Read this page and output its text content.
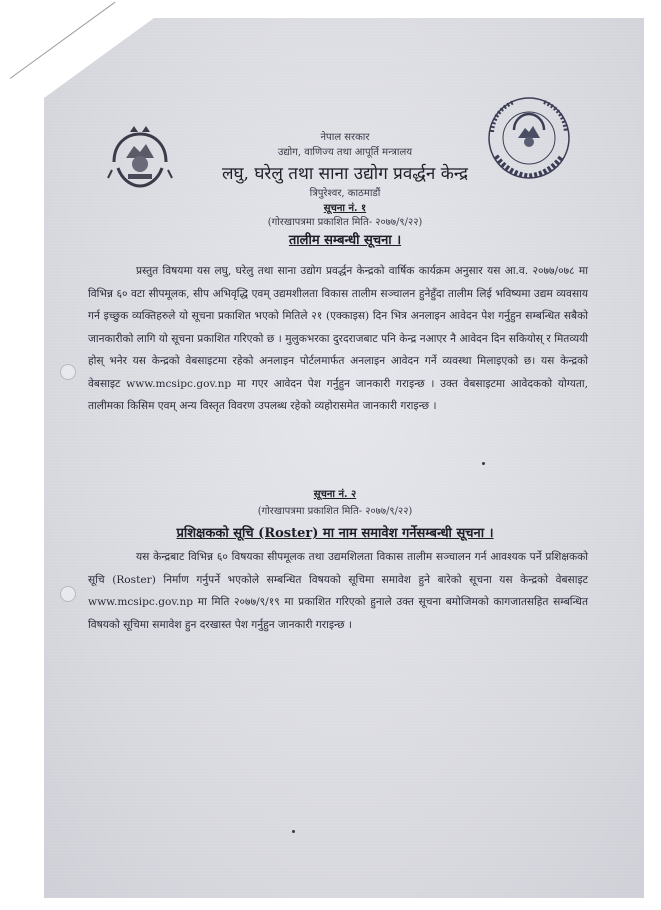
नेपाल सरकार
उद्योग, वाणिज्य तथा आपूर्ति मन्त्रालय
लघु, घरेलु तथा साना उद्योग प्रवर्द्धन केन्द्र
त्रिपुरेश्वर, काठमाडौं
सूचना नं. १
(गोरखापत्रमा प्रकाशित मिति- २०७७/९/२२)
तालीम सम्बन्धी सूचना ।
प्रस्तुत विषयमा यस लघु, घरेलु तथा साना उद्योग प्रवर्द्धन केन्द्रको वार्षिक कार्यक्रम अनुसार यस आ.व. २०७७/०७८ मा विभिन्न ६० वटा सीपमूलक, सीप अभिवृद्धि एवम् उद्यमशीलता विकास तालीम सञ्चालन हुनेहुँदा तालीम लिई भविष्यमा उद्यम व्यवसाय गर्न इच्छुक व्यक्तिहरुले यो सूचना प्रकाशित भएको मितिले २१ (एक्काइस) दिन भित्र अनलाइन आवेदन पेश गर्नुहुन सम्बन्धित सबैको जानकारीको लागि यो सूचना प्रकाशित गरिएको छ । मुलुकभरका दुरदराजबाट पनि केन्द्र नआएर नै आवेदन दिन सकियोस् र मितव्ययी होस् भनेर यस केन्द्रको वेबसाइटमा रहेको अनलाइन पोर्टलमार्फत अनलाइन आवेदन गर्ने व्यवस्था मिलाइएको छ। यस केन्द्रको वेबसाइट www.mcsipc.gov.np मा गएर आवेदन पेश गर्नुहुन जानकारी गराइन्छ । उक्त वेबसाइटमा आवेदकको योग्यता, तालीमका किसिम एवम् अन्य विस्तृत विवरण उपलब्ध रहेको व्यहोरासमेत जानकारी गराइन्छ ।
सूचना नं. २
(गोरखापत्रमा प्रकाशित मिति- २०७७/९/२२)
प्रशिक्षकको सूचि (Roster) मा नाम समावेश गर्नेसम्बन्धी सूचना ।
यस केन्द्रबाट विभिन्न ६० विषयका सीपमूलक तथा उद्यमशिलता विकास तालीम सञ्चालन गर्न आवश्यक पर्ने प्रशिक्षकको सूचि (Roster) निर्माण गर्नुपर्ने भएकोले सम्बन्धित विषयको सूचिमा समावेश हुने बारेको सूचना यस केन्द्रको वेबसाइट www.mcsipc.gov.np मा मिति २०७७/९/१९ मा प्रकाशित गरिएको हुनाले उक्त सूचना बमोजिमको कागजातसहित सम्बन्धित विषयको सूचिमा समावेश हुन दरखास्त पेश गर्नुहुन जानकारी गराइन्छ ।
